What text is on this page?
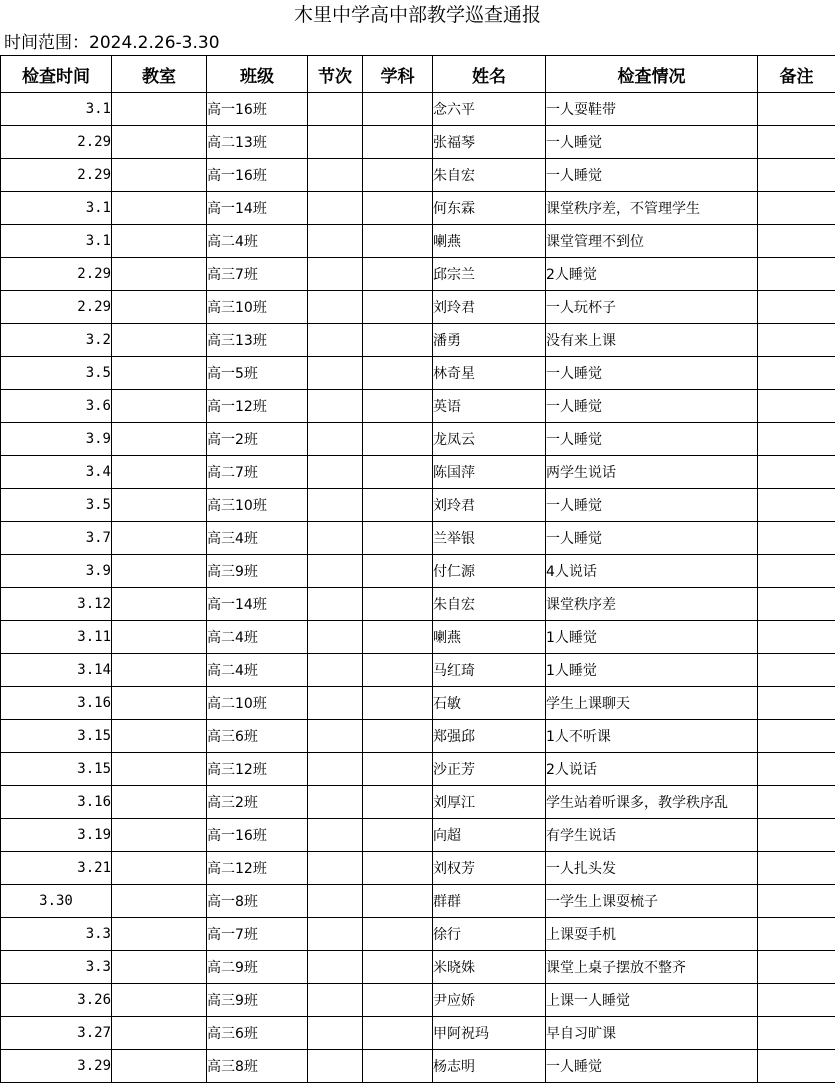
木里中学高中部教学巡查通报
时间范围：2024.2.26-3.30
检查时间	教室	班级	节次	学科	姓名	检查情况	备注
3.1		高一16班			念六平	一人耍鞋带	
2.29		高二13班			张福琴	一人睡觉	
2.29		高一16班			朱自宏	一人睡觉	
3.1		高一14班			何东霖	课堂秩序差，不管理学生	
3.1		高二4班			喇燕	课堂管理不到位	
2.29		高三7班			邱宗兰	2人睡觉	
2.29		高三10班			刘玲君	一人玩杯子	
3.2		高三13班			潘勇	没有来上课	
3.5		高一5班			林奇星	一人睡觉	
3.6		高一12班			英语	一人睡觉	
3.9		高一2班			龙凤云	一人睡觉	
3.4		高二7班			陈国萍	两学生说话	
3.5		高三10班			刘玲君	一人睡觉	
3.7		高三4班			兰举银	一人睡觉	
3.9		高三9班			付仁源	4人说话	
3.12		高一14班			朱自宏	课堂秩序差	
3.11		高二4班			喇燕	1人睡觉	
3.14		高二4班			马红琦	1人睡觉	
3.16		高二10班			石敏	学生上课聊天	
3.15		高三6班			郑强邱	1人不听课	
3.15		高三12班			沙正芳	2人说话	
3.16		高三2班			刘厚江	学生站着听课多，教学秩序乱	
3.19		高一16班			向超	有学生说话	
3.21		高二12班			刘权芳	一人扎头发	
3.30		高一8班			群群	一学生上课耍梳子	
3.3		高一7班			徐行	上课耍手机	
3.3		高二9班			米晓姝	课堂上桌子摆放不整齐	
3.26		高三9班			尹应娇	上课一人睡觉	
3.27		高三6班			甲阿祝玛	早自习旷课	
3.29		高三8班			杨志明	一人睡觉	
